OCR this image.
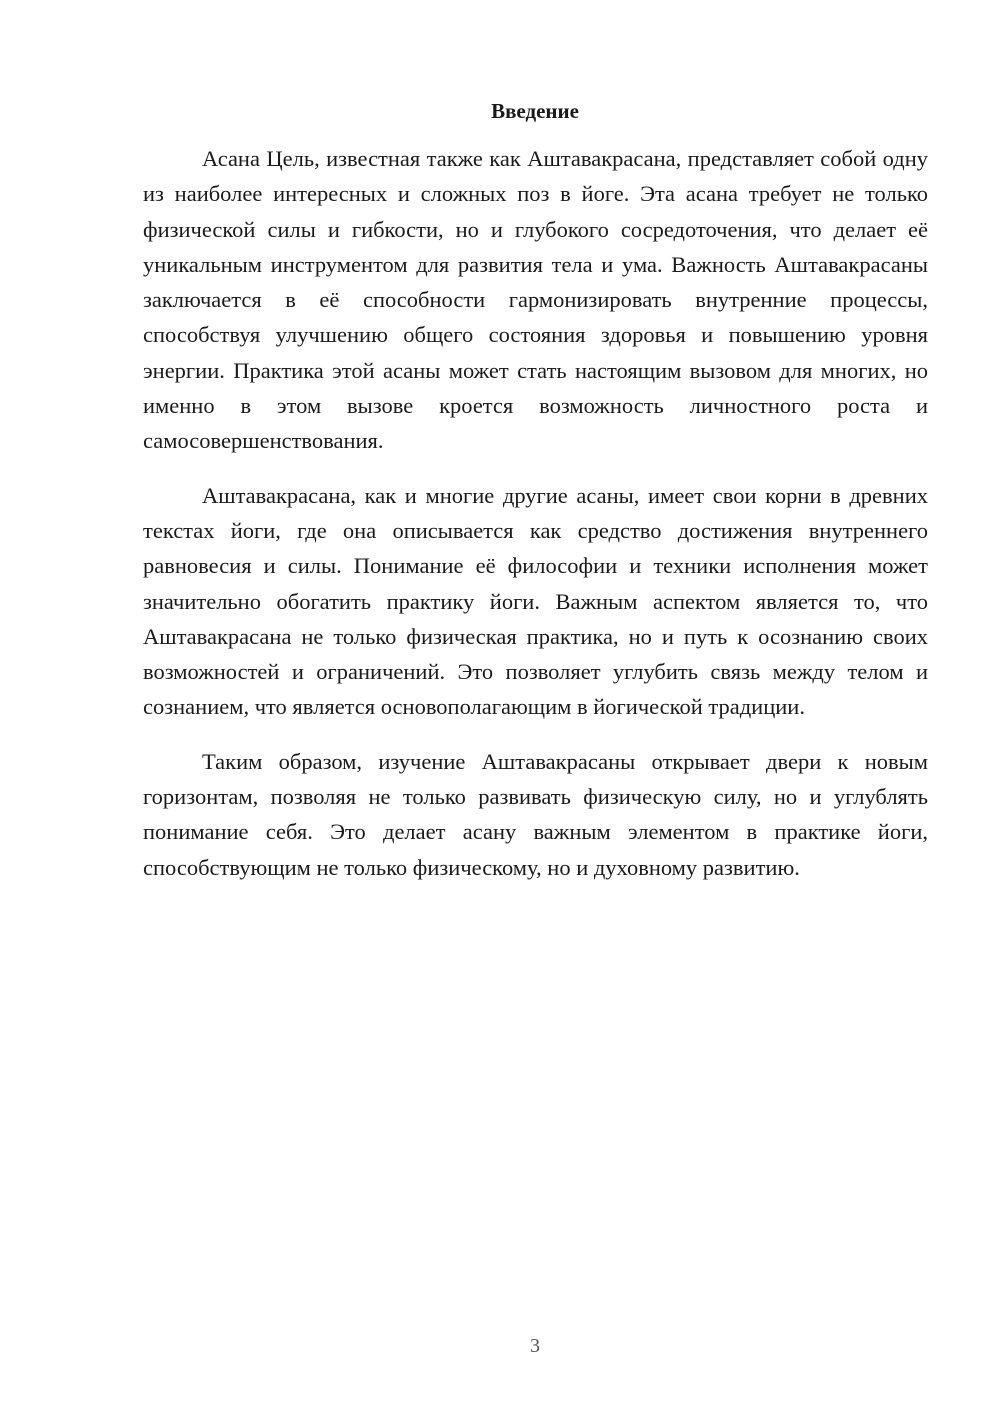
Введение

Асана Цель, известная также как Аштавакрасана, представляет собой одну из наиболее интересных и сложных поз в йоге. Эта асана требует не только физической силы и гибкости, но и глубокого сосредоточения, что делает её уникальным инструментом для развития тела и ума. Важность Аштавакрасаны заключается в её способности гармонизировать внутренние процессы, способствуя улучшению общего состояния здоровья и повышению уровня энергии. Практика этой асаны может стать настоящим вызовом для многих, но именно в этом вызове кроется возможность личностного роста и самосовершенствования.

Аштавакрасана, как и многие другие асаны, имеет свои корни в древних текстах йоги, где она описывается как средство достижения внутреннего равновесия и силы. Понимание её философии и техники исполнения может значительно обогатить практику йоги. Важным аспектом является то, что Аштавакрасана не только физическая практика, но и путь к осознанию своих возможностей и ограничений. Это позволяет углубить связь между телом и сознанием, что является основополагающим в йогической традиции.

Таким образом, изучение Аштавакрасаны открывает двери к новым горизонтам, позволяя не только развивать физическую силу, но и углублять понимание себя. Это делает асану важным элементом в практике йоги, способствующим не только физическому, но и духовному развитию.

3
